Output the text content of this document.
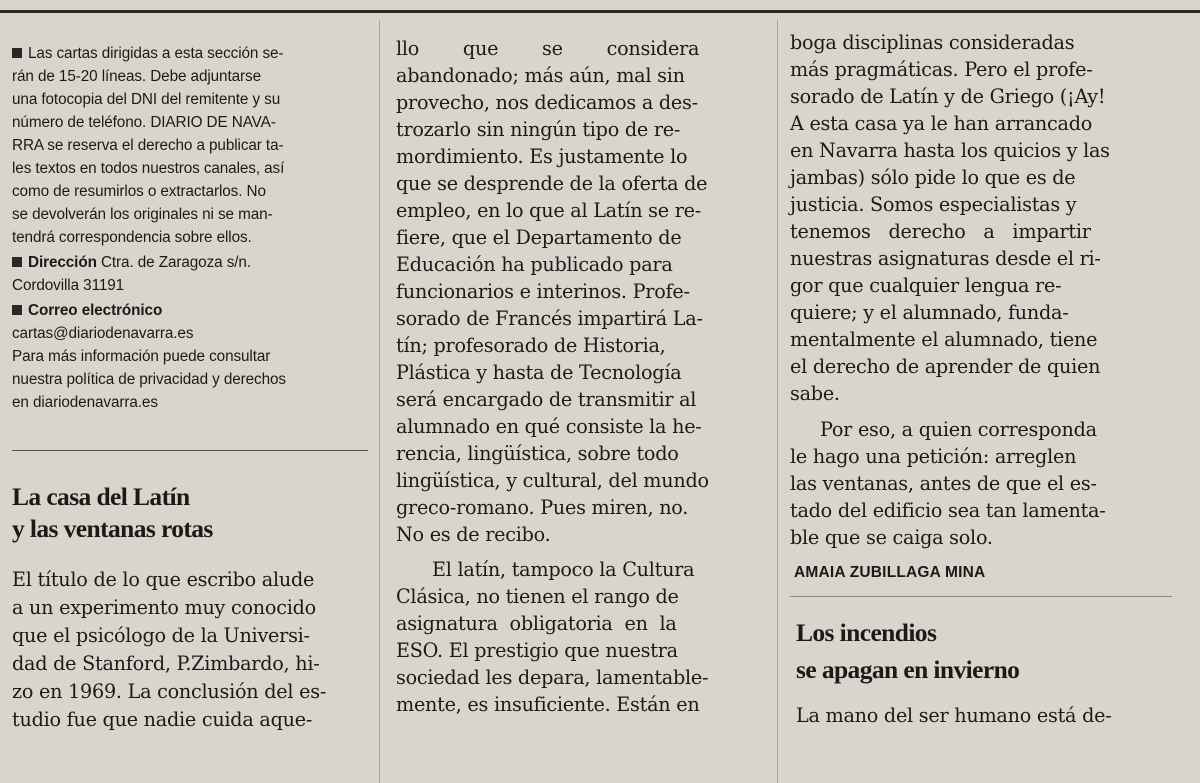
Las cartas dirigidas a esta sección se-
rán de 15-20 líneas. Debe adjuntarse
una fotocopia del DNI del remitente y su
número de teléfono. DIARIO DE NAVA-
RRA se reserva el derecho a publicar ta-
les textos en todos nuestros canales, así
como de resumirlos o extractarlos. No
se devolverán los originales ni se man-
tendrá correspondencia sobre ellos.
Dirección Ctra. de Zaragoza s/n.
Cordovilla 31191
Correo electrónico
cartas@diariodenavarra.es
Para más información puede consultar
nuestra política de privacidad y derechos
en diariodenavarra.es
La casa del Latín
y las ventanas rotas
El título de lo que escribo alude
a un experimento muy conocido
que el psicólogo de la Universi-
dad de Stanford, P.Zimbardo, hi-
zo en 1969. La conclusión del es-
tudio fue que nadie cuida aque-
llo que se considera
abandonado; más aún, mal sin
provecho, nos dedicamos a des-
trozarlo sin ningún tipo de re-
mordimiento. Es justamente lo
que se desprende de la oferta de
empleo, en lo que al Latín se re-
fiere, que el Departamento de
Educación ha publicado para
funcionarios e interinos. Profe-
sorado de Francés impartirá La-
tín; profesorado de Historia,
Plástica y hasta de Tecnología
será encargado de transmitir al
alumnado en qué consiste la he-
rencia, lingüística, sobre todo
lingüística, y cultural, del mundo
greco-romano. Pues miren, no.
No es de recibo.
El latín, tampoco la Cultura
Clásica, no tienen el rango de
asignatura obligatoria en la
ESO. El prestigio que nuestra
sociedad les depara, lamentable-
mente, es insuficiente. Están en
boga disciplinas consideradas
más pragmáticas. Pero el profe-
sorado de Latín y de Griego (¡Ay!
A esta casa ya le han arrancado
en Navarra hasta los quicios y las
jambas) sólo pide lo que es de
justicia. Somos especialistas y
tenemos derecho a impartir
nuestras asignaturas desde el ri-
gor que cualquier lengua re-
quiere; y el alumnado, funda-
mentalmente el alumnado, tiene
el derecho de aprender de quien
sabe.
Por eso, a quien corresponda
le hago una petición: arreglen
las ventanas, antes de que el es-
tado del edificio sea tan lamenta-
ble que se caiga solo.
AMAIA ZUBILLAGA MINA
Los incendios
se apagan en invierno
La mano del ser humano está de-
